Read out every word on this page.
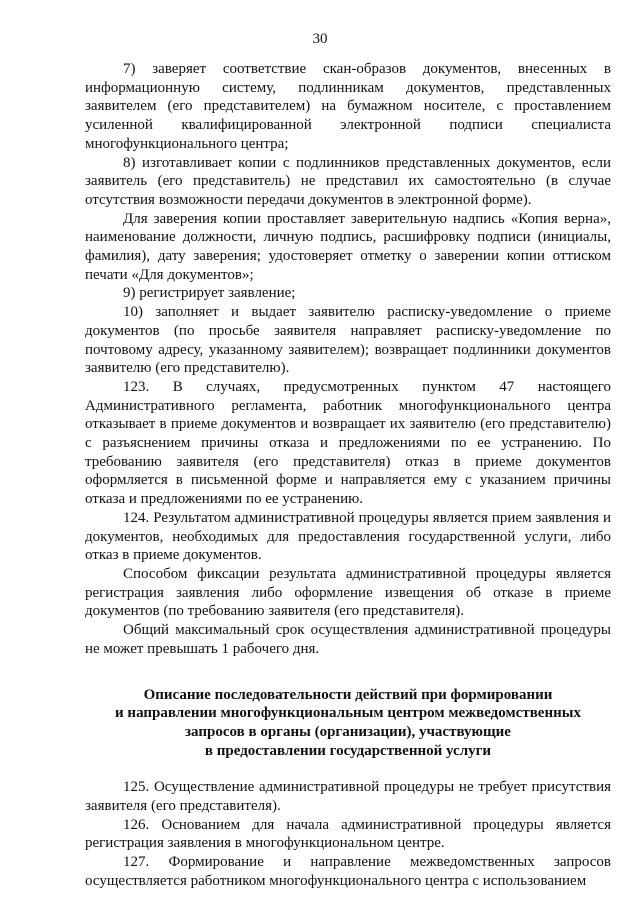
30

7) заверяет соответствие скан-образов документов, внесенных в информационную систему, подлинникам документов, представленных заявителем (его представителем) на бумажном носителе, с проставлением усиленной квалифицированной электронной подписи специалиста многофункционального центра;

8) изготавливает копии с подлинников представленных документов, если заявитель (его представитель) не представил их самостоятельно (в случае отсутствия возможности передачи документов в электронной форме).

Для заверения копии проставляет заверительную надпись «Копия верна», наименование должности, личную подпись, расшифровку подписи (инициалы, фамилия), дату заверения; удостоверяет отметку о заверении копии оттиском печати «Для документов»;

9) регистрирует заявление;

10) заполняет и выдает заявителю расписку-уведомление о приеме документов (по просьбе заявителя направляет расписку-уведомление по почтовому адресу, указанному заявителем); возвращает подлинники документов заявителю (его представителю).

123. В случаях, предусмотренных пунктом 47 настоящего Административного регламента, работник многофункционального центра отказывает в приеме документов и возвращает их заявителю (его представителю) с разъяснением причины отказа и предложениями по ее устранению. По требованию заявителя (его представителя) отказ в приеме документов оформляется в письменной форме и направляется ему с указанием причины отказа и предложениями по ее устранению.

124. Результатом административной процедуры является прием заявления и документов, необходимых для предоставления государственной услуги, либо отказ в приеме документов.

Способом фиксации результата административной процедуры является регистрация заявления либо оформление извещения об отказе в приеме документов (по требованию заявителя (его представителя).

Общий максимальный срок осуществления административной процедуры не может превышать 1 рабочего дня.

Описание последовательности действий при формировании
и направлении многофункциональным центром межведомственных
запросов в органы (организации), участвующие
в предоставлении государственной услуги

125. Осуществление административной процедуры не требует присутствия заявителя (его представителя).

126. Основанием для начала административной процедуры является регистрация заявления в многофункциональном центре.

127. Формирование и направление межведомственных запросов осуществляется работником многофункционального центра с использованием
